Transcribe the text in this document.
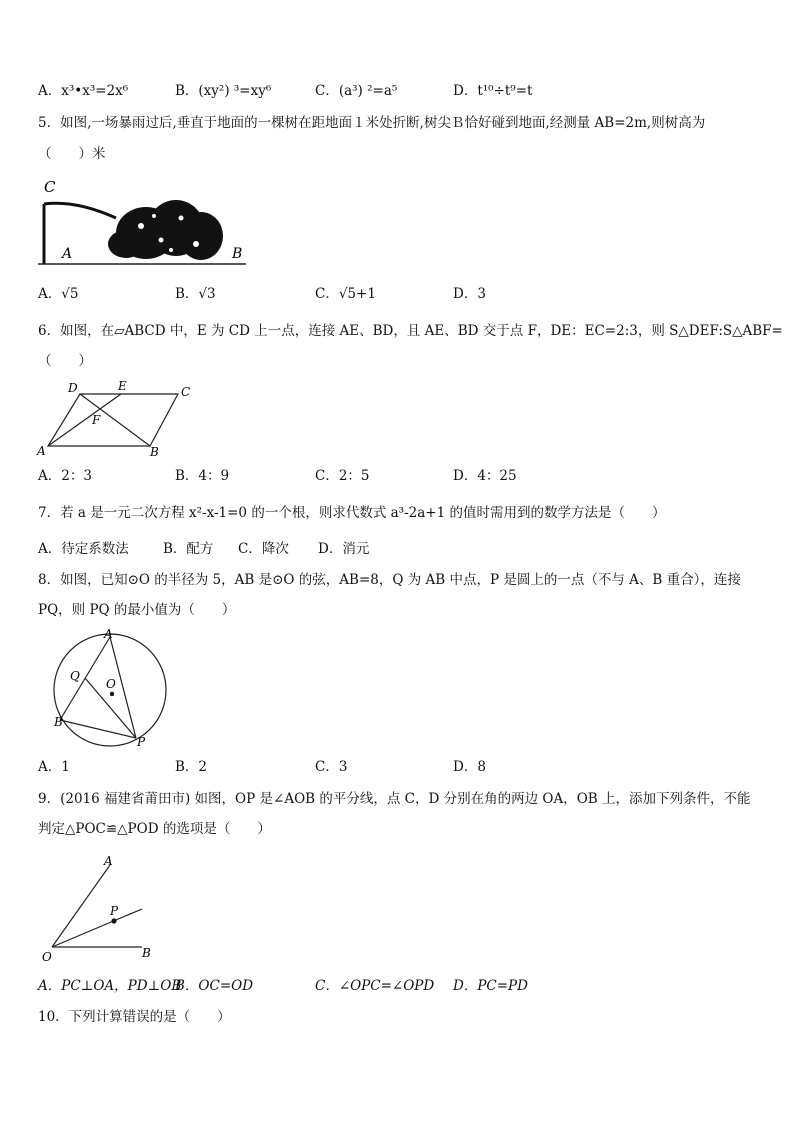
A．x³•x³=2x⁶	B．(xy²) ³=xy⁶	C．(a³) ²=a⁵	D．t¹⁰÷t⁹=t
5．如图,一场暴雨过后,垂直于地面的一棵树在距地面１米处折断,树尖Ｂ恰好碰到地面,经测量 AB=2m,则树高为
（　　）米
C
A	B
A．√5	B．√3	C．√5+1	D．3
6．如图，在▱ABCD 中，E 为 CD 上一点，连接 AE、BD，且 AE、BD 交于点 F，DE：EC=2:3，则 S△DEF:S△ABF=
（　　）
D	E	C
F
A	B
A．2：3	B．4：9	C．2：5	D．4：25
7．若 a 是一元二次方程 x²-x-1=0 的一个根，则求代数式 a³-2a+1 的值时需用到的数学方法是（　　）
A．待定系数法	B．配方 C．降次 D．消元
8．如图，已知⊙O 的半径为 5，AB 是⊙O 的弦，AB=8，Q 为 AB 中点，P 是圆上的一点（不与 A、B 重合），连接
PQ，则 PQ 的最小值为（　　）
A
Q
O
B
P
A．1	B．2	C．3	D．8
9．(2016 福建省莆田市) 如图，OP 是∠AOB 的平分线，点 C，D 分别在角的两边 OA，OB 上，添加下列条件，不能
判定△POC≌△POD 的选项是（　　）
A
P
O	B
A．PC⊥OA，PD⊥OB
B．OC=OD	C．∠OPC=∠OPD D．PC=PD
10．下列计算错误的是（　　）
